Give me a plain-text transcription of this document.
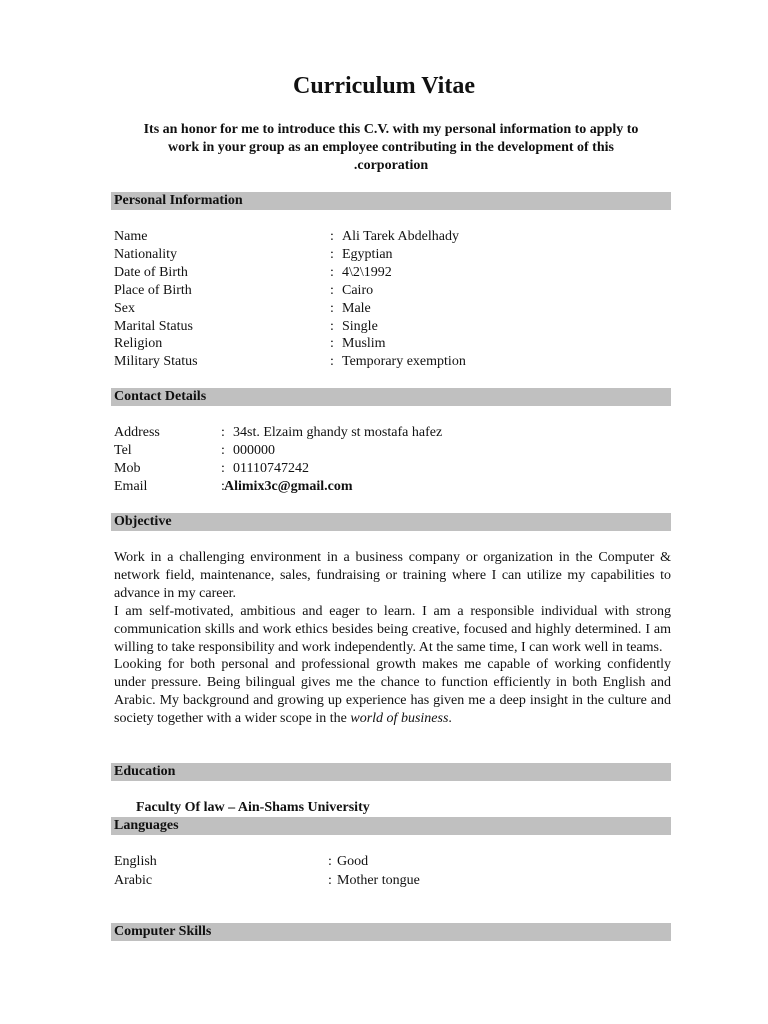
Curriculum Vitae
Its an honor for me to introduce this C.V. with my personal information to apply to
work in your group as an employee contributing in the development of this
.corporation
Personal Information
Name	: Ali Tarek Abdelhady
Nationality	: Egyptian
Date of Birth	: 4\2\1992
Place of Birth	: Cairo
Sex	: Male
Marital Status	: Single
Religion	: Muslim
Military Status	: Temporary exemption
Contact Details
Address	: 34st. Elzaim ghandy st mostafa hafez
Tel	: 000000
Mob	: 01110747242
Email	: Alimix3c@gmail.com
Objective

Work in a challenging environment in a business company or organization in the Computer & network field, maintenance, sales, fundraising or training where I can utilize my capabilities to advance in my career.

I am self-motivated, ambitious and eager to learn. I am a responsible individual with strong communication skills and work ethics besides being creative, focused and highly determined. I am willing to take responsibility and work independently. At the same time, I can work well in teams.

Looking for both personal and professional growth makes me capable of working confidently under pressure. Being bilingual gives me the chance to function efficiently in both English and Arabic. My background and growing up experience has given me a deep insight in the culture and society together with a wider scope in the world of business.

Education
Faculty Of law – Ain-Shams University
Languages
English	: Good
Arabic	: Mother tongue
Computer Skills
